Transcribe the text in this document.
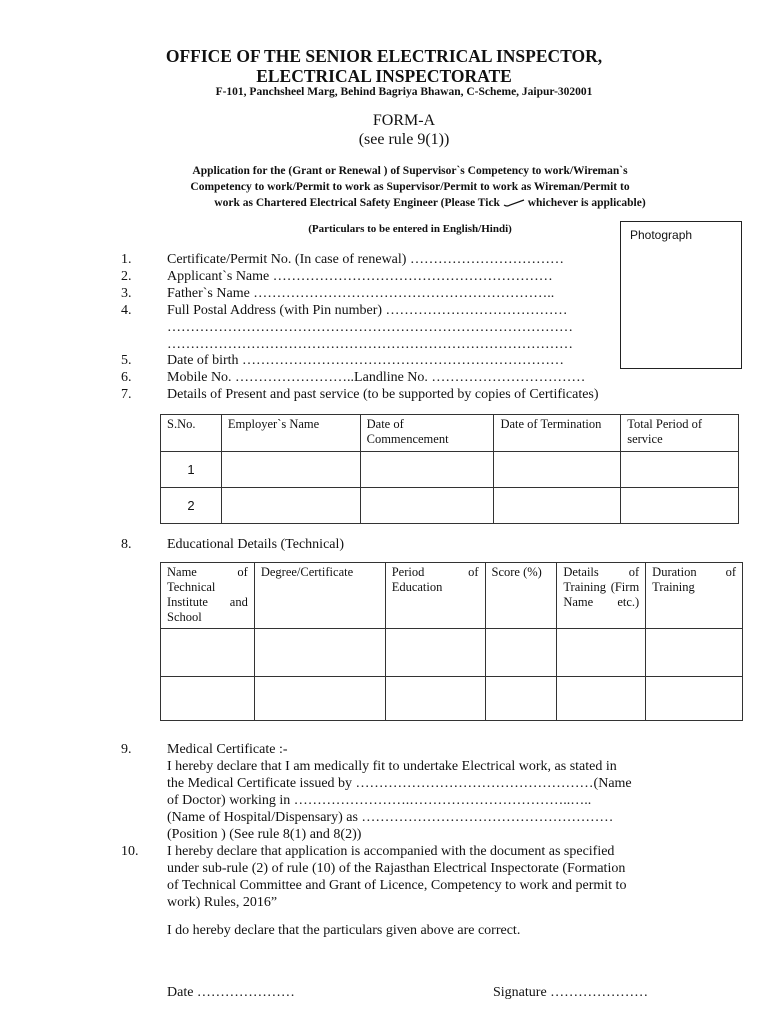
OFFICE OF THE SENIOR ELECTRICAL INSPECTOR,
ELECTRICAL INSPECTORATE
F-101, Panchsheel Marg, Behind Bagriya Bhawan, C-Scheme, Jaipur-302001
FORM-A
(see rule 9(1))
Application for the (Grant or Renewal ) of Supervisor`s Competency to work/Wireman`s
Competency to work/Permit to work as Supervisor/Permit to work as Wireman/Permit to
work as Chartered Electrical Safety Engineer (Please Tick whichever is applicable)
(Particulars to be entered in English/Hindi)	Photograph
1.	Certificate/Permit No. (In case of renewal) ……………………………
2.	Applicant`s Name ……………………………………………………
3.	Father`s Name ………………………………………………………..
4.	Full Postal Address (with Pin number) …………………………………
……………………………………………………………………………
……………………………………………………………………………
5.	Date of birth ……………………………………………………………
6.	Mobile No. ……………………..Landline No. ……………………………
7.	Details of Present and past service (to be supported by copies of Certificates)
S.No.	Employer`s Name	Date of Commencement	Date of Termination	Total Period of service
1				
2				
8.	Educational Details (Technical)
Name of Technical Institute and School	Degree/Certificate	Period of Education	Score (%)	Details of Training (Firm Name etc.)	Duration of Training

9.	Medical Certificate :-
I hereby declare that I am medically fit to undertake Electrical work, as stated in
the Medical Certificate issued by ……………………………………………(Name
of Doctor) working in …………………….……………………………..…..
(Name of Hospital/Dispensary) as ………………………………………………
(Position ) (See rule 8(1) and 8(2))
10. I hereby declare that application is accompanied with the document as specified
under sub-rule (2) of rule (10) of the Rajasthan Electrical Inspectorate (Formation
of Technical Committee and Grant of Licence, Competency to work and permit to
work) Rules, 2016”
I do hereby declare that the particulars given above are correct.
Date …………………	Signature …………………
